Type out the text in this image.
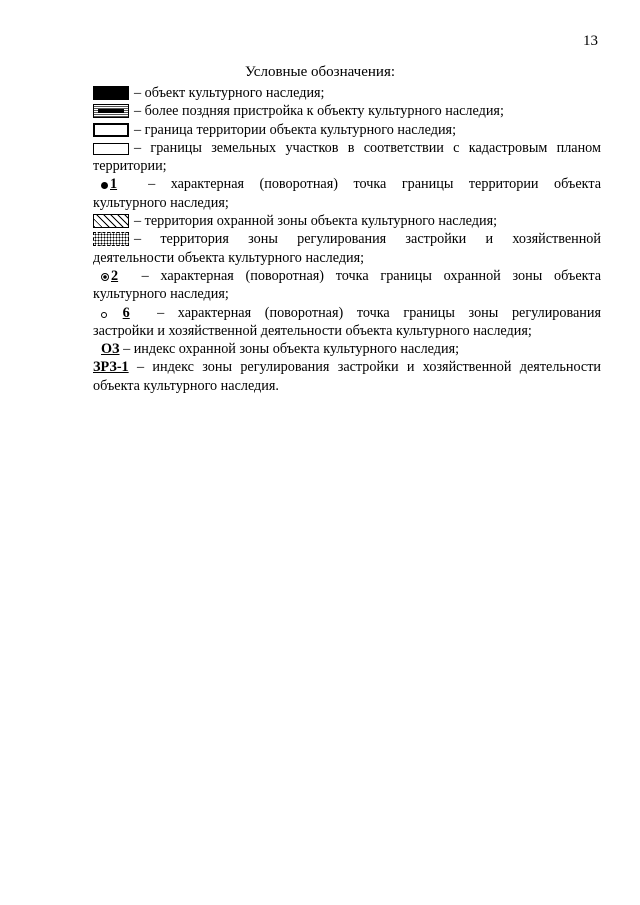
13
Условные обозначения:
– объект культурного наследия;
– более поздняя пристройка к объекту культурного наследия;
– граница территории объекта культурного наследия;
– границы земельных участков в соответствии с кадастровым планом
территории;
1 – характерная (поворотная) точка границы территории объекта
культурного наследия;
– территория охранной зоны объекта культурного наследия;
– территория зоны регулирования застройки и хозяйственной
деятельности объекта культурного наследия;
2 – характерная (поворотная) точка границы охранной зоны объекта
культурного наследия;
6 – характерная (поворотная) точка границы зоны регулирования
застройки и хозяйственной деятельности объекта культурного наследия;
ОЗ – индекс охранной зоны объекта культурного наследия;
ЗРЗ-1 – индекс зоны регулирования застройки и хозяйственной деятельности
объекта культурного наследия.
